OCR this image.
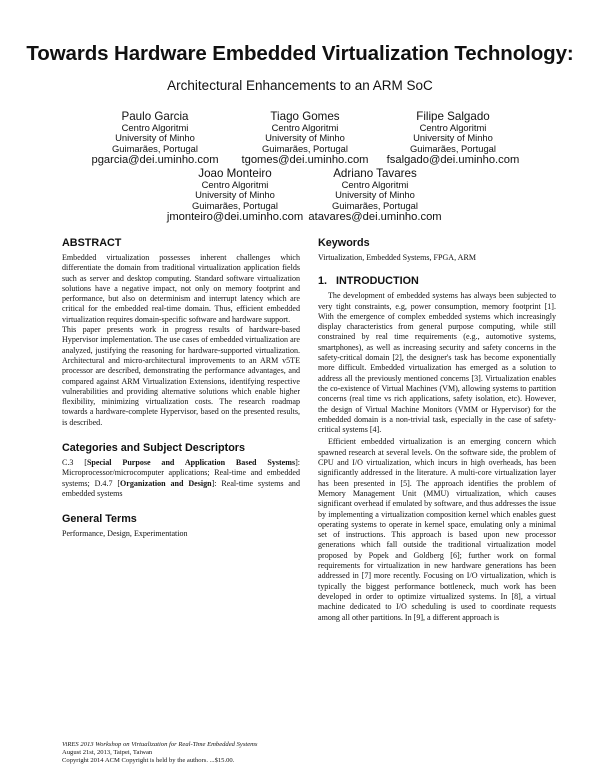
Towards Hardware Embedded Virtualization Technology:
Architectural Enhancements to an ARM SoC
Paulo Garcia
Centro Algoritmi
University of Minho
Guimarães, Portugal
pgarcia@dei.uminho.com
Tiago Gomes
Centro Algoritmi
University of Minho
Guimarães, Portugal
tgomes@dei.uminho.com
Filipe Salgado
Centro Algoritmi
University of Minho
Guimarães, Portugal
fsalgado@dei.uminho.com
Joao Monteiro
Centro Algoritmi
University of Minho
Guimarães, Portugal
jmonteiro@dei.uminho.com
Adriano Tavares
Centro Algoritmi
University of Minho
Guimarães, Portugal
atavares@dei.uminho.com
ABSTRACT

Embedded virtualization possesses inherent challenges which differentiate the domain from traditional virtualization application fields such as server and desktop computing. Standard software virtualization solutions have a negative impact, not only on memory footprint and performance, but also on determinism and interrupt latency which are critical for the embedded real-time domain. Thus, efficient embedded virtualization requires domain-specific software and hardware support.

This paper presents work in progress results of hardware-based Hypervisor implementation. The use cases of embedded virtualization are analyzed, justifying the reasoning for hardware-supported virtualization. Architectural and micro-architectural improvements to an ARM v5TE processor are described, demonstrating the performance advantages, and compared against ARM Virtualization Extensions, identifying respective vulnerabilities and providing alternative solutions which enable higher flexibility, minimizing virtualization costs. The research roadmap towards a hardware-complete Hypervisor, based on the presented results, is described.

Categories and Subject Descriptors

C.3 [Special Purpose and Application Based Systems]: Microprocessor/microcomputer applications; Real-time and embedded systems; D.4.7 [Organization and Design]: Real-time systems and embedded systems

General Terms

Performance, Design, Experimentation

ViRES 2013 Workshop on Virtualization for Real-Time Embedded Systems
August 21st, 2013, Taipei, Taiwan
Copyright 2014 ACM Copyright is held by the authors. ...$15.00.
Keywords

Virtualization, Embedded Systems, FPGA, ARM

1. INTRODUCTION

The development of embedded systems has always been subjected to very tight constraints, e.g, power consumption, memory footprint [1]. With the emergence of complex embedded systems which increasingly display characteristics from general purpose computing, while still constrained by real time requirements (e.g., automotive systems, smartphones), as well as increasing security and safety concerns in the safety-critical domain [2], the designer's task has become exponentially more difficult. Embedded virtualization has emerged as a solution to address all the previously mentioned concerns [3]. Virtualization enables the co-existence of Virtual Machines (VM), allowing systems to partition concerns (real time vs rich applications, safety isolation, etc). However, the design of Virtual Machine Monitors (VMM or Hypervisor) for the embedded domain is a non-trivial task, especially in the case of safety-critical systems [4].

Efficient embedded virtualization is an emerging concern which spawned research at several levels. On the software side, the problem of CPU and I/O virtualization, which incurs in high overheads, has been significantly addressed in the literature. A multi-core virtualization layer has been presented in [5]. The approach identifies the problem of Memory Management Unit (MMU) virtualization, which causes significant overhead if emulated by software, and thus addresses the issue by implementing a virtualization composition kernel which enables guest operating systems to operate in kernel space, emulating only a minimal set of instructions. This approach is based upon new processor generations which fall outside the traditional virtualization model proposed by Popek and Goldberg [6]; further work on formal requirements for virtualization in new hardware generations has been addressed in [7] more recently. Focusing on I/O virtualization, which is typically the biggest performance bottleneck, much work has been developed in order to optimize virtualized systems. In [8], a virtual machine dedicated to I/O scheduling is used to coordinate requests among all other partitions. In [9], a different approach is
